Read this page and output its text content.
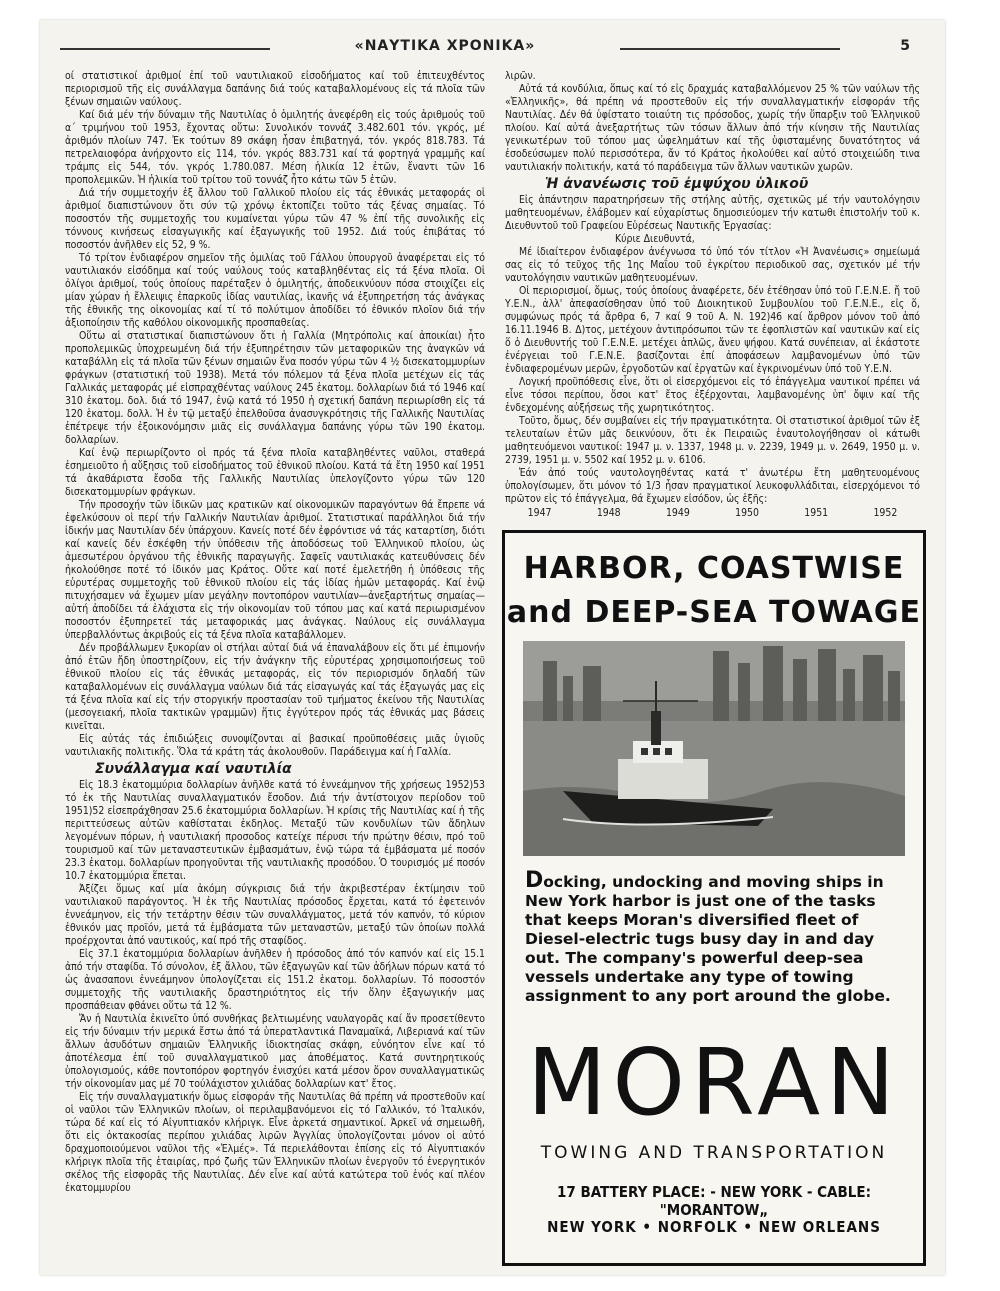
«ΝΑΥΤΙΚΑ ΧΡΟΝΙΚΑ»	5

οί στατιστικοί ἀριθμοί ἐπί τοῦ ναυτιλιακοῦ εἰσοδήματος καί τοῦ ἐπιτευχθέντος περιορισμοῦ τῆς εἰς συνάλλαγμα δαπάνης διά τούς καταβαλλομένους εἰς τά πλοῖα τῶν ξένων σημαιῶν ναύλους.

Καί διά μέν τήν δύναμιν τῆς Ναυτιλίας ὁ ὁμιλητής ἀνεφέρθη εἰς τούς ἀριθμούς τοῦ α΄ τριμήνου τοῦ 1953, ἔχοντας οὕτω: Συνολικόν τοννάζ 3.482.601 τόν. γκρός, μέ ἀριθμόν πλοίων 747. Ἐκ τούτων 89 σκάφη ἦσαν ἐπιβατηγά, τόν. γκρός 818.783. Τά πετρελαιοφόρα ἀνήρχοντο εἰς 114, τόν. γκρός 883.731 καί τά φορτηγά γραμμῆς καί τράμπς εἰς 544, τόν. γκρός 1.780.087. Μέση ἡλικία 12 ἐτῶν, ἔναντι τῶν 16 προπολεμικῶν. Ἡ ἡλικία τοῦ τρίτου τοῦ τοννάζ ἦτο κάτω τῶν 5 ἐτῶν.

Διά τήν συμμετοχήν ἐξ ἄλλου τοῦ Γαλλικοῦ πλοίου εἰς τάς ἐθνικάς μεταφοράς οἱ ἀριθμοί διαπιστώνουν ὅτι σύν τῷ χρόνῳ ἐκτοπίζει τοῦτο τάς ξένας σημαίας. Τό ποσοστόν τῆς συμμετοχῆς του κυμαίνεται γύρω τῶν 47 % ἐπί τῆς συνολικῆς εἰς τόννους κινήσεως εἰσαγωγικῆς καί ἐξαγωγικῆς τοῦ 1952. Διά τούς ἐπιβάτας τό ποσοστόν ἀνῆλθεν εἰς 52, 9 %.

Τό τρίτον ἐνδιαφέρον σημεῖον τῆς ὁμιλίας τοῦ Γάλλου ὑπουργοῦ ἀναφέρεται εἰς τό ναυτιλιακόν εἰσόδημα καί τούς ναύλους τούς καταβληθέντας εἰς τά ξένα πλοῖα. Οἱ ὀλίγοι ἀριθμοί, τούς ὁποίους παρέταξεν ὁ ὁμιλητής, ἀποδεικνύουν πόσα στοιχίζει εἰς μίαν χώραν ἡ ἔλλειψις ἐπαρκοῦς ἰδίας ναυτιλίας, ἱκανῆς νά ἐξυπηρετήση τάς ἀνάγκας τῆς ἐθνικῆς της οἰκονομίας καί τί τό πολύτιμον ἀποδίδει τό ἐθνικόν πλοῖον διά τήν ἀξιοποίησιν τῆς καθόλου οἰκονομικῆς προσπαθείας.

Οὕτω αἱ στατιστικαί διαπιστώνουν ὅτι ἡ Γαλλία (Μητρόπολις καί ἀποικίαι) ἦτο προπολεμικῶς ὑποχρεωμένη διά τήν ἐξυπηρέτησιν τῶν μεταφορικῶν της ἀναγκῶν νά καταβάλλη εἰς τά πλοῖα τῶν ξένων σημαιῶν ἕνα ποσόν γύρω τῶν 4 ½ δισεκατομμυρίων φράγκων (στατιστική τοῦ 1938). Μετά τόν πόλεμον τά ξένα πλοῖα μετέχων εἰς τάς Γαλλικάς μεταφοράς μέ εἰσπραχθέντας ναύλους 245 ἑκατομ. δολλαρίων διά τό 1946 καί 310 ἑκατομ. δολ. διά τό 1947, ἐνῷ κατά τό 1950 ἡ σχετική δαπάνη περιωρίσθη εἰς τά 120 ἑκατομ. δολλ. Ἡ ἐν τῷ μεταξύ ἐπελθοῦσα ἀνασυγκρότησις τῆς Γαλλικῆς Ναυτιλίας ἐπέτρεψε τήν ἐξοικονόμησιν μιᾶς εἰς συνάλλαγμα δαπάνης γύρω τῶν 190 ἑκατομ. δολλαρίων.

Καί ἑνῷ περιωρίζοντο οἱ πρός τά ξένα πλοῖα καταβληθέντες ναῦλοι, σταθερά ἐσημειοῦτο ἡ αὔξησις τοῦ εἰσοδήματος τοῦ ἐθνικοῦ πλοίου. Κατά τά ἔτη 1950 καί 1951 τά ἀκαθάριστα ἔσοδα τῆς Γαλλικῆς Ναυτιλίας ὑπελογίζοντο γύρω τῶν 120 δισεκατομμυρίων φράγκων.

Τήν προσοχήν τῶν ἰδικῶν μας κρατικῶν καί οἰκονομικῶν παραγόντων θά ἔπρεπε νά ἐφελκύσουν οἱ περί τήν Γαλλικήν Ναυτιλίαν ἀριθμοί. Στατιστικαί παράλληλοι διά τήν ἰδικήν μας Ναυτιλίαν δέν ὑπάρχουν. Κανείς ποτέ δέν ἐφρόντισε νά τάς καταρτίση, διότι καί κανείς δέν ἐσκέφθη τήν ὑπόθεσιν τῆς ἀποδόσεως τοῦ Ἑλληνικοῦ πλοίου, ὡς ἀμεσωτέρου ὀργάνου τῆς ἐθνικῆς παραγωγῆς. Σαφεῖς ναυτιλιακάς κατευθύνσεις δέν ἠκολούθησε ποτέ τό ἰδικόν μας Κράτος. Οὔτε καί ποτέ ἐμελετήθη ἡ ὑπόθεσις τῆς εὐρυτέρας συμμετοχῆς τοῦ ἐθνικοῦ πλοίου εἰς τάς ἰδίας ἡμῶν μεταφοράς. Καί ἐνῷ πιτυχήσαμεν νά ἔχωμεν μίαν μεγάλην ποντοπόρον ναυτιλίαν—ἀνεξαρτήτως σημαίας—αὐτή ἀποδίδει τά ἐλάχιστα εἰς τήν οἰκονομίαν τοῦ τόπου μας καί κατά περιωρισμένον ποσοστόν ἐξυπηρετεῖ τάς μεταφορικάς μας ἀνάγκας. Ναύλους εἰς συνάλλαγμα ὑπερβαλλόντως ἀκριβούς εἰς τά ξένα πλοῖα καταβάλλομεν.

Δέν προβάλλωμεν ξυκορίαν οἱ στήλαι αὐταί διά νά ἐπαναλάβουν εἰς ὅτι μέ ἐπιμονήν ἀπό ἐτῶν ἤδη ὑποστηρίζουν, εἰς τήν ἀνάγκην τῆς εὐρυτέρας χρησιμοποιήσεως τοῦ ἐθνικοῦ πλοίου εἰς τάς ἐθνικάς μεταφοράς, εἰς τόν περιορισμόν δηλαδή τῶν καταβαλλομένων εἰς συνάλλαγμα ναύλων διά τάς εἰσαγωγάς καί τάς ἐξαγωγάς μας εἰς τά ξένα πλοῖα καί εἰς τήν στοργικήν προστασίαν τοῦ τμήματος ἐκείνου τῆς Ναυτιλίας (μεσογειακή, πλοῖα τακτικῶν γραμμῶν) ἥτις ἐγγύτερον πρός τάς ἐθνικάς μας βάσεις κινεῖται.

Εἰς αὐτάς τάς ἐπιδιώξεις συνοψίζονται αἱ βασικαί προϋποθέσεις μιᾶς ὑγιοῦς ναυτιλιακῆς πολιτικῆς. Ὅλα τά κράτη τάς ἀκολουθοῦν. Παράδειγμα καί ἡ Γαλλία.

Συνάλλαγμα καί ναυτιλία

Εἰς 18.3 ἑκατομμύρια δολλαρίων ἀνῆλθε κατά τό ἐννεάμηνον τῆς χρήσεως 1952)53 τό ἐκ τῆς Ναυτιλίας συναλλαγματικόν ἔσοδον. Διά τήν ἀντίστοιχον περίοδον τοῦ 1951)52 εἰσεπράχθησαν 25.6 ἑκατομμύρια δολλαρίων. Ἡ κρίσις τῆς Ναυτιλίας καί ἡ τῆς περιττεύσεως αὐτῶν καθίσταται ἐκδηλος. Μεταξύ τῶν κονδυλίων τῶν ἄδηλων λεγομένων πόρων, ἡ ναυτιλιακή προσοδος κατείχε πέρυσι τήν πρώτην θέσιν, πρό τοῦ τουρισμοῦ καί τῶν μεταναστευτικῶν ἐμβασμάτων, ἐνῷ τώρα τά ἐμβάσματα μέ ποσόν 23.3 ἑκατομ. δολλαρίων προηγοῦνται τῆς ναυτιλιακῆς προσόδου. Ὁ τουρισμός μέ ποσόν 10.7 ἑκατομμύρια ἕπεται.

Ἀξίζει ὅμως καί μία ἀκόμη σύγκρισις διά τήν ἀκριβεστέραν ἐκτίμησιν τοῦ ναυτιλιακοῦ παράγοντος. Ἡ ἐκ τῆς Ναυτιλίας πρόσοδος ἔρχεται, κατά τό ἐφετεινόν ἐννεάμηνον, εἰς τήν τετάρτην θέσιν τῶν συναλλάγματος, μετά τόν καπνόν, τό κύριον ἐθνικόν μας προϊόν, μετά τά ἐμβάσματα τῶν μεταναστῶν, μεταξύ τῶν ὁποίων πολλά προέρχονται ἀπό ναυτικούς, καί πρό τῆς σταφίδος.

Εἰς 37.1 ἑκατομμύρια δολλαρίων ἀνῆλθεν ἡ πρόσοδος ἀπό τόν καπνόν καί εἰς 15.1 ἀπό τήν σταφίδα. Τό σύνολον, ἐξ ἄλλου, τῶν ἐξαγωγῶν καί τῶν ἀδήλων πόρων κατά τό ὡς ἀνασαπονι ἐννεάμηνον ὑπολογίζεται εἰς 151.2 ἑκατομ. δολλαρίων. Τό ποσοστόν συμμετοχῆς τῆς ναυτιλιακῆς δραστηριότητος εἰς τήν ὅλην ἐξαγωγικήν μας προσπάθειαν φθάνει οὕτω τά 12 %.

Ἄν ἡ Ναυτιλία ἐκινεῖτο ὑπό συνθήκας βελτιωμένης ναυλαγορᾶς καί ἄν προσετίθεντο εἰς τήν δύναμιν τήν μερικά ἔστω ἀπό τά ὑπερατλαντικά Παναμαϊκά, Λιβεριανά καί τῶν ἄλλων ἀσυδότων σημαιῶν Ἑλληνικῆς ἰδιοκτησίας σκάφη, εὐνόητον εἶνε καί τό ἀποτέλεσμα ἐπί τοῦ συναλλαγματικοῦ μας ἀποθέματος. Κατά συντηρητικούς ὑπολογισμούς, κάθε ποντοπόρον φορτηγόν ἐνισχύει κατά μέσον ὅρον συναλλαγματικῶς τήν οἰκονομίαν μας μέ 70 τούλάχιστον χιλιάδας δολλαρίων κατ' ἔτος.

Εἰς τήν συναλλαγματικήν ὅμως εἰσφοράν τῆς Ναυτιλίας θά πρέπη νά προστεθοῦν καί οἱ ναῦλοι τῶν Ἑλληνικῶν πλοίων, οἱ περιλαμβανόμενοι εἰς τό Γαλλικόν, τό Ἰταλικόν, τώρα δέ καί εἰς τό Αἰγυπτιακόν κλήριγκ. Εἶνε ἀρκετά σημαντικοί. Ἀρκεῖ νά σημειωθῆ, ὅτι εἰς ὀκτακοσίας περίπου χιλιάδας λιρῶν Ἀγγλίας ὑπολογίζονται μόνον οἱ αὐτό δραχμοποιούμενοι ναῦλοι τῆς «Ἐλμές». Τά περιελάθονται ἐπίσης εἰς τό Αἰγυπτιακόν κλήριγκ πλοῖα τῆς ἑταιρίας, πρό ζωῆς τῶν Ἑλληνικῶν πλοίων ἐνεργοῦν τό ἐνεργητικόν σκέλος τῆς εἰσφορᾶς τῆς Ναυτιλίας. Δέν εἶνε καί αὐτά κατώτερα τοῦ ἑνός καί πλέον ἑκατομμυρίου

λιρῶν.

Αὐτά τά κονδύλια, ὅπως καί τό εἰς δραχμάς καταβαλλόμενον 25 % τῶν ναύλων τῆς «Ἑλληνικῆς», θά πρέπη νά προστεθοῦν εἰς τήν συναλλαγματικήν εἰσφοράν τῆς Ναυτιλίας. Δέν θά ὑφίστατο τοιαύτη τις πρόσοδος, χωρίς τήν ὕπαρξιν τοῦ Ἑλληνικοῦ πλοίου. Καί αὐτά ἀνεξαρτήτως τῶν τόσων ἄλλων ἀπό τήν κίνησιν τῆς Ναυτιλίας γενικωτέρων τοῦ τόπου μας ὠφελημάτων καί τῆς ὑφισταμένης δυνατότητος νά ἐσοδεύσωμεν πολύ περισσότερα, ἄν τό Κράτος ἠκολούθει καί αὐτό στοιχειώδη τινα ναυτιλιακήν πολιτικήν, κατά τό παράδειγμα τῶν ἄλλων ναυτικῶν χωρῶν.

Ἡ ἀνανέωσις τοῦ ἐμψύχου ὑλικοῦ

Εἰς ἀπάντησιν παρατηρήσεων τῆς στήλης αὐτῆς, σχετικῶς μέ τήν ναυτολόγησιν μαθητευομένων, ἐλάβομεν καί εὐχαρίστως δημοσιεύομεν τήν κατωθι ἐπιστολήν τοῦ κ. Διευθυντοῦ τοῦ Γραφείου Εὑρέσεως Ναυτικῆς Ἐργασίας:

Κύριε Διευθυντά,

Μέ ἰδιαίτερον ἐνδιαφέρον ἀνέγνωσα τό ὑπό τόν τίτλον «Ἡ Ἀνανέωσις» σημείωμά σας εἰς τό τεῦχος τῆς 1ης Μαΐου τοῦ ἐγκρίτου περιοδικοῦ σας, σχετικόν μέ τήν ναυτολόγησιν ναυτικῶν μαθητευομένων.

Οἱ περιορισμοί, ὅμως, τούς ὁποίους ἀναφέρετε, δέν ἐτέθησαν ὑπό τοῦ Γ.Ε.Ν.Ε. ἤ τοῦ Υ.Ε.Ν., ἀλλ' ἀπεφασίσθησαν ὑπό τοῦ Διοικητικοῦ Συμβουλίου τοῦ Γ.Ε.Ν.Ε., εἰς ὅ, συμφώνως πρός τά ἄρθρα 6, 7 καί 9 τοῦ Α. Ν. 192)46 καί ἄρθρον μόνον τοῦ ἀπό 16.11.1946 Β. Δ)τος, μετέχουν ἀντιπρόσωποι τῶν τε ἐφοπλιστῶν καί ναυτικῶν καί εἰς ὅ ὁ Διευθυντής τοῦ Γ.Ε.Ν.Ε. μετέχει ἁπλῶς, ἄνευ ψήφου. Κατά συνέπειαν, αἱ ἑκάστοτε ἐνέργειαι τοῦ Γ.Ε.Ν.Ε. βασίζονται ἐπί ἀποφάσεων λαμβανομένων ὑπό τῶν ἐνδιαφερομένων μερῶν, ἐργοδοτῶν καί ἐργατῶν καί ἐγκρινομένων ὑπό τοῦ Υ.Ε.Ν.

Λογική προϋπόθεσις εἶνε, ὅτι οἱ εἰσερχόμενοι εἰς τό ἐπάγγελμα ναυτικοί πρέπει νά εἶνε τόσοι περίπου, ὅσοι κατ' ἔτος ἐξέρχονται, λαμβανομένης ὑπ' ὄψιν καί τῆς ἐνδεχομένης αὐξήσεως τῆς χωρητικότητος.

Τοῦτο, ὅμως, δέν συμβαίνει εἰς τήν πραγματικότητα. Οἱ στατιστικοί ἀριθμοί τῶν ἐξ τελευταίων ἐτῶν μᾶς δεικνύουν, ὅτι ἐκ Πειραιῶς ἐναυτολογήθησαν οἱ κάτωθι μαθητευόμενοι ναυτικοί: 1947 μ. ν. 1337, 1948 μ. ν. 2239, 1949 μ. ν. 2649, 1950 μ. ν. 2739, 1951 μ. ν. 5502 καί 1952 μ. ν. 6106.

Ἐάν ἀπό τούς ναυτολογηθέντας κατά τ' ἀνωτέρω ἔτη μαθητευομένους ὑπολογίσωμεν, ὅτι μόνον τό 1/3 ἦσαν πραγματικοί λευκοφυλλάδιται, εἰσερχόμενοι τό πρῶτον εἰς τό ἐπάγγελμα, θά ἔχωμεν εἰσόδον, ὡς ἑξῆς:

1947	1948	1949	1950	1951	1952

HARBOR, COASTWISE
and DEEP-SEA TOWAGE
Docking, undocking and moving ships in New York harbor is just one of the tasks that keeps Moran's diversified fleet of Diesel-electric tugs busy day in and day out. The company's powerful deep-sea vessels undertake any type of towing assignment to any port around the globe.
MORAN
TOWING AND TRANSPORTATION
17 BATTERY PLACE: - NEW YORK - CABLE: "MORANTOW„
NEW YORK • NORFOLK • NEW ORLEANS
